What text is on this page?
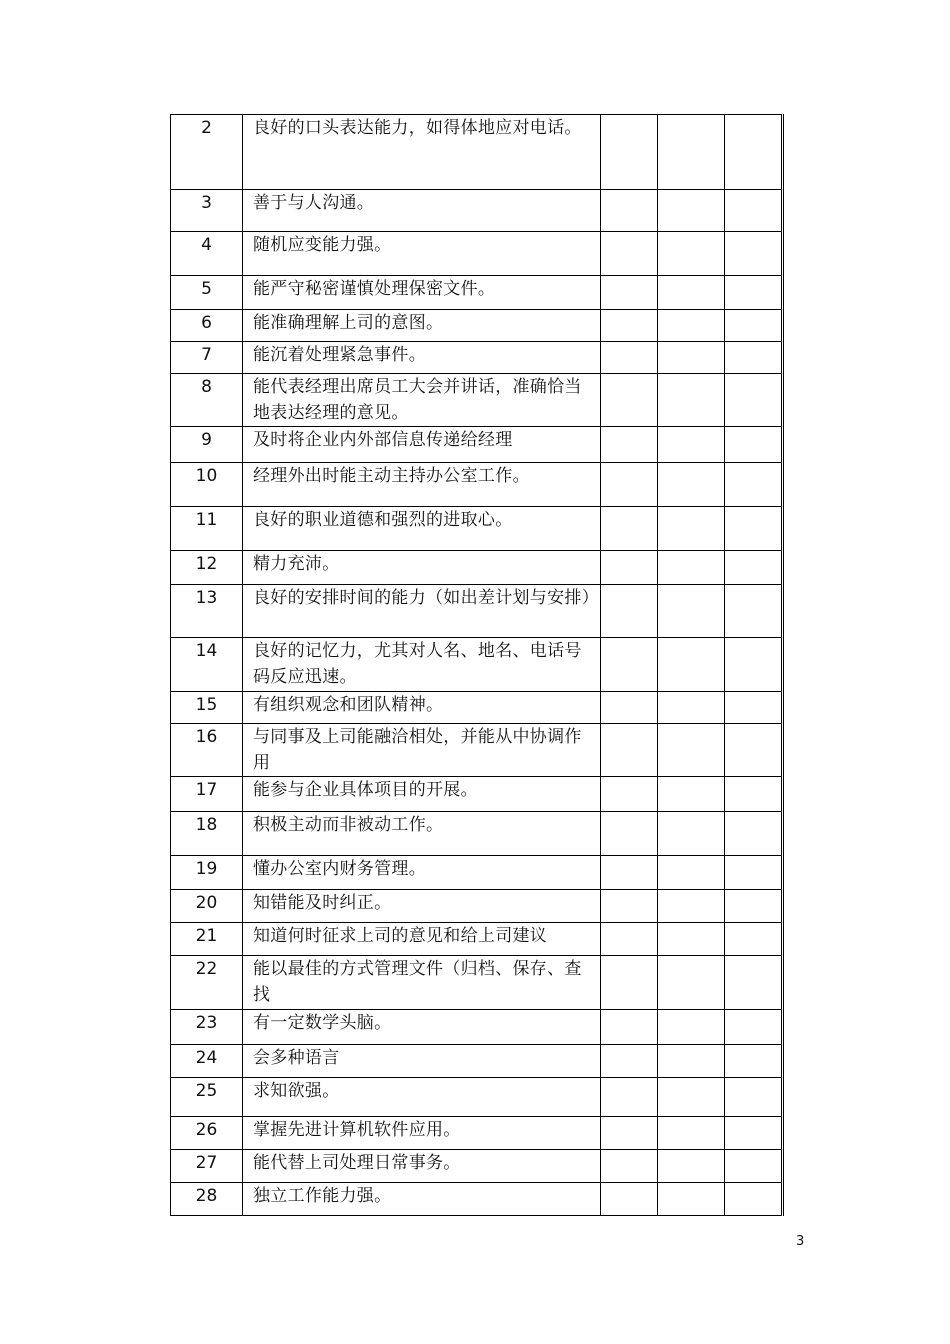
2	良好的口头表达能力，如得体地应对电话。			
3	善于与人沟通。			
4	随机应变能力强。			
5	能严守秘密谨慎处理保密文件。			
6	能准确理解上司的意图。			
7	能沉着处理紧急事件。			
8	能代表经理出席员工大会并讲话，准确恰当地表达经理的意见。			
9	及时将企业内外部信息传递给经理			
10	经理外出时能主动主持办公室工作。			
11	良好的职业道德和强烈的进取心。			
12	精力充沛。			
13	良好的安排时间的能力（如出差计划与安排）			
14	良好的记忆力，尤其对人名、地名、电话号码反应迅速。			
15	有组织观念和团队精神。			
16	与同事及上司能融洽相处，并能从中协调作用			
17	能参与企业具体项目的开展。			
18	积极主动而非被动工作。			
19	懂办公室内财务管理。			
20	知错能及时纠正。			
21	知道何时征求上司的意见和给上司建议			
22	能以最佳的方式管理文件（归档、保存、查找			
23	有一定数学头脑。			
24	会多种语言			
25	求知欲强。			
26	掌握先进计算机软件应用。			
27	能代替上司处理日常事务。			
28	独立工作能力强。			
3
